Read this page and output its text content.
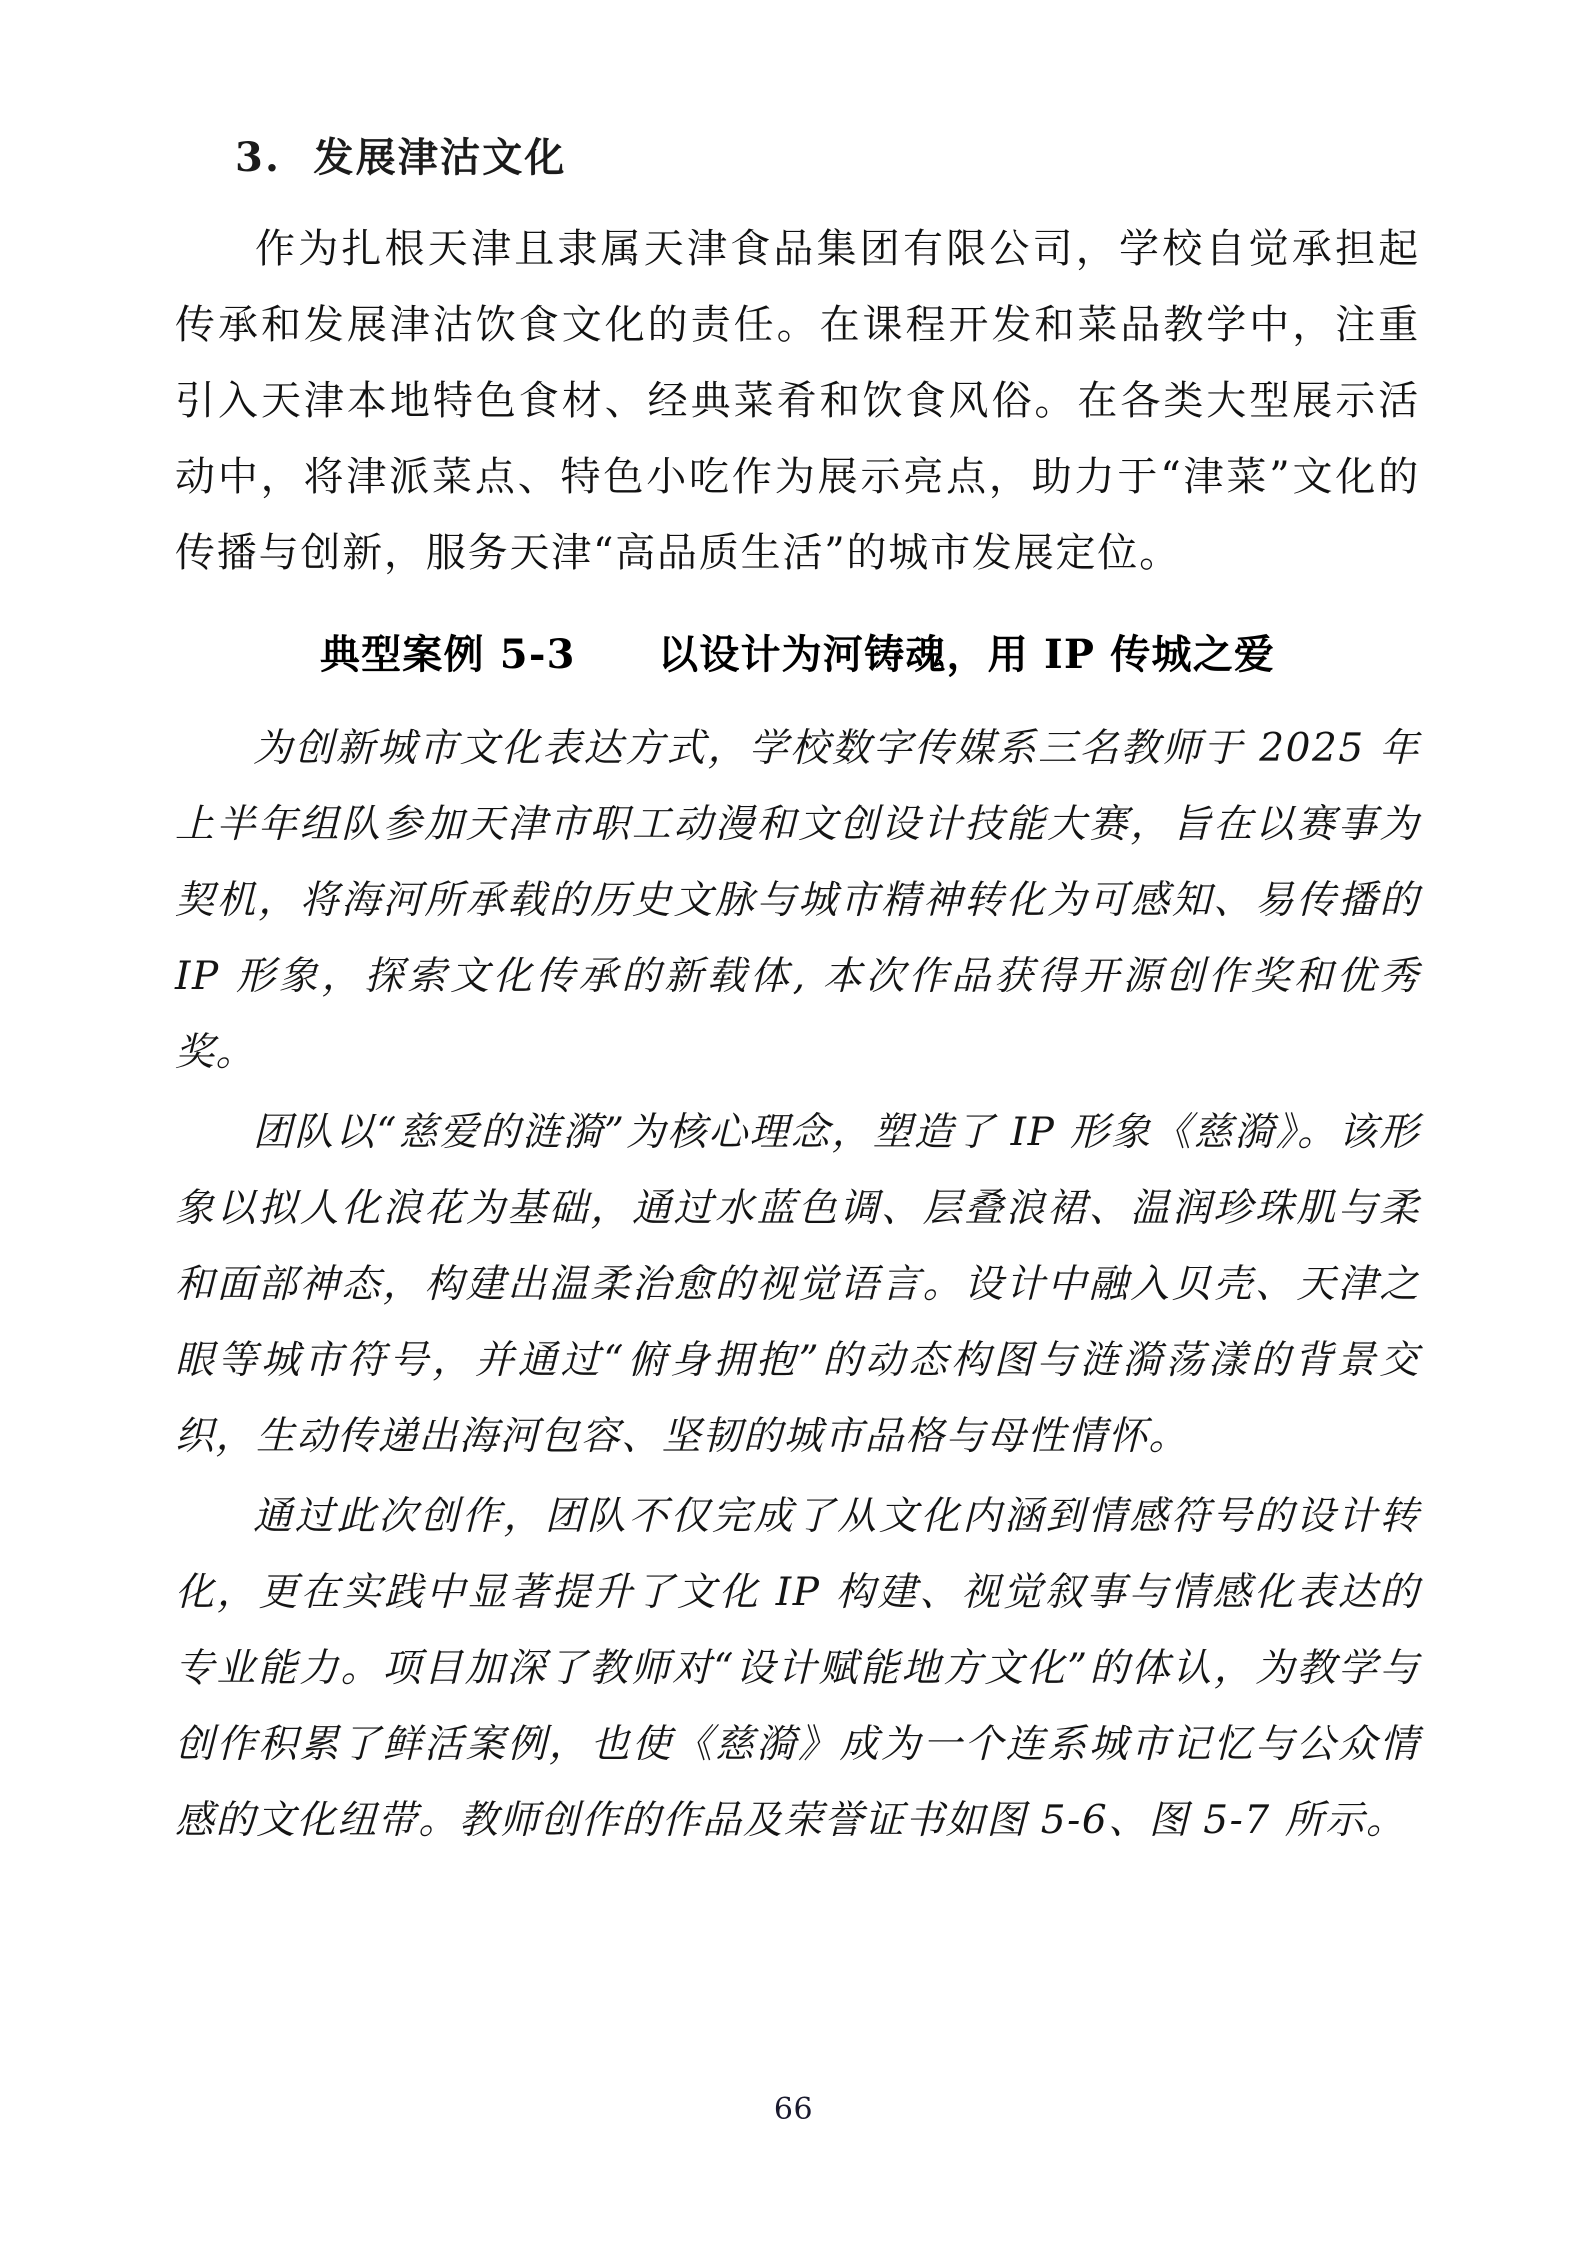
3.  发展津沽文化

作为扎根天津且隶属天津食品集团有限公司，学校自觉承担起传承和发展津沽饮食文化的责任。在课程开发和菜品教学中，注重引入天津本地特色食材、经典菜肴和饮食风俗。在各类大型展示活动中，将津派菜点、特色小吃作为展示亮点，助力于“津菜”文化的传播与创新，服务天津“高品质生活”的城市发展定位。

典型案例 5-3　　以设计为河铸魂，用 IP 传城之爱

为创新城市文化表达方式，学校数字传媒系三名教师于 2025 年上半年组队参加天津市职工动漫和文创设计技能大赛，旨在以赛事为契机，将海河所承载的历史文脉与城市精神转化为可感知、易传播的 IP 形象，探索文化传承的新载体, 本次作品获得开源创作奖和优秀奖。

团队以“慈爱的涟漪”为核心理念，塑造了 IP 形象《慈漪》。该形象以拟人化浪花为基础，通过水蓝色调、层叠浪裙、温润珍珠肌与柔和面部神态，构建出温柔治愈的视觉语言。设计中融入贝壳、天津之眼等城市符号，并通过“俯身拥抱”的动态构图与涟漪荡漾的背景交织，生动传递出海河包容、坚韧的城市品格与母性情怀。

通过此次创作，团队不仅完成了从文化内涵到情感符号的设计转化，更在实践中显著提升了文化 IP 构建、视觉叙事与情感化表达的专业能力。项目加深了教师对“设计赋能地方文化”的体认，为教学与创作积累了鲜活案例，也使《慈漪》成为一个连系城市记忆与公众情感的文化纽带。教师创作的作品及荣誉证书如图 5-6、图 5-7 所示。

66
